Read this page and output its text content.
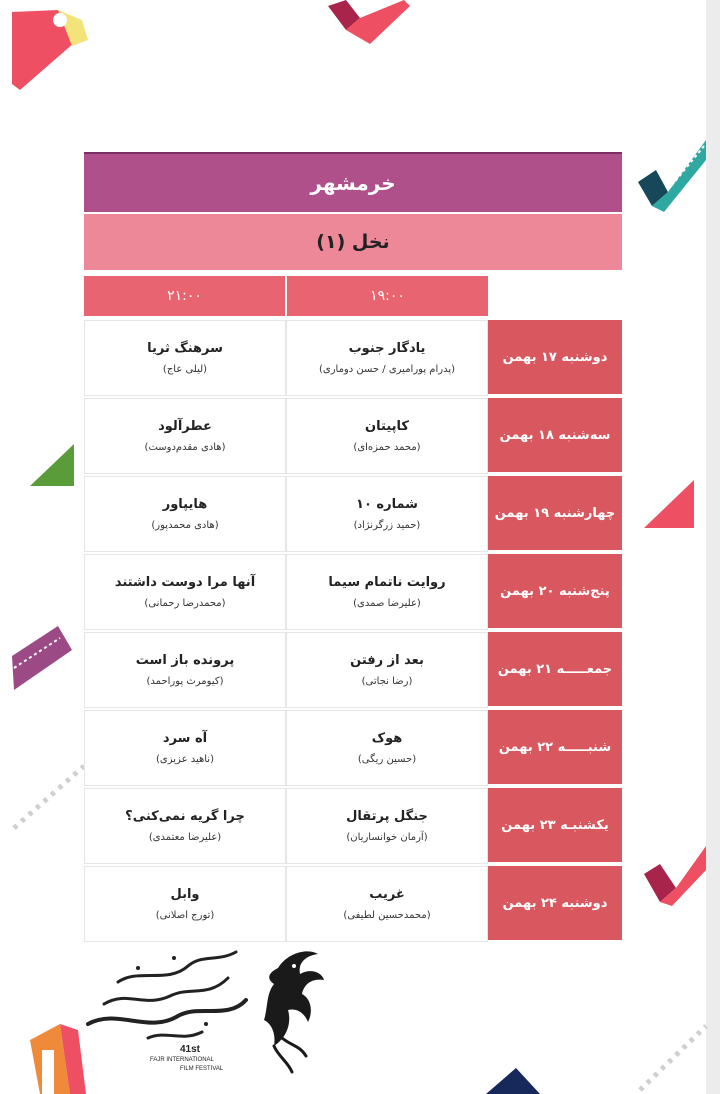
خرمشهر
نخل (۱)
۱۹:۰۰
۲۱:۰۰
سرهنگ ثریا
(لیلی عاج)
یادگار جنوب
(پدرام پورامیری / حسن دوماری)
دوشنبه ۱۷ بهمن
عطرآلود
(هادی مقدم‌دوست)
کاپیتان
(محمد حمزه‌ای)
سه‌شنبه ۱۸ بهمن
هایپاور
(هادی محمدپور)
شماره ۱۰
(حمید زرگرنژاد)
چهارشنبه ۱۹ بهمن
آنها مرا دوست داشتند
(محمدرضا رحمانی)
روایت ناتمام سیما
(علیرضا صمدی)
پنج‌شنبه ۲۰ بهمن
پرونده باز است
(کیومرث پوراحمد)
بعد از رفتن
(رضا نجاتی)
جمعـــــه ۲۱ بهمن
آه سرد
(ناهید عزیزی)
هوک
(حسین ریگی)
شنبـــــه ۲۲ بهمن
چرا گریه نمی‌کنی؟
(علیرضا معتمدی)
جنگل پرتقال
(آرمان خوانساریان)
یکشنبـه ۲۳ بهمن
وابل
(تورج اصلانی)
غریب
(محمدحسین لطیفی)
دوشنبه ۲۴ بهمن
41st
FAJR INTERNATIONAL
FILM FESTIVAL
